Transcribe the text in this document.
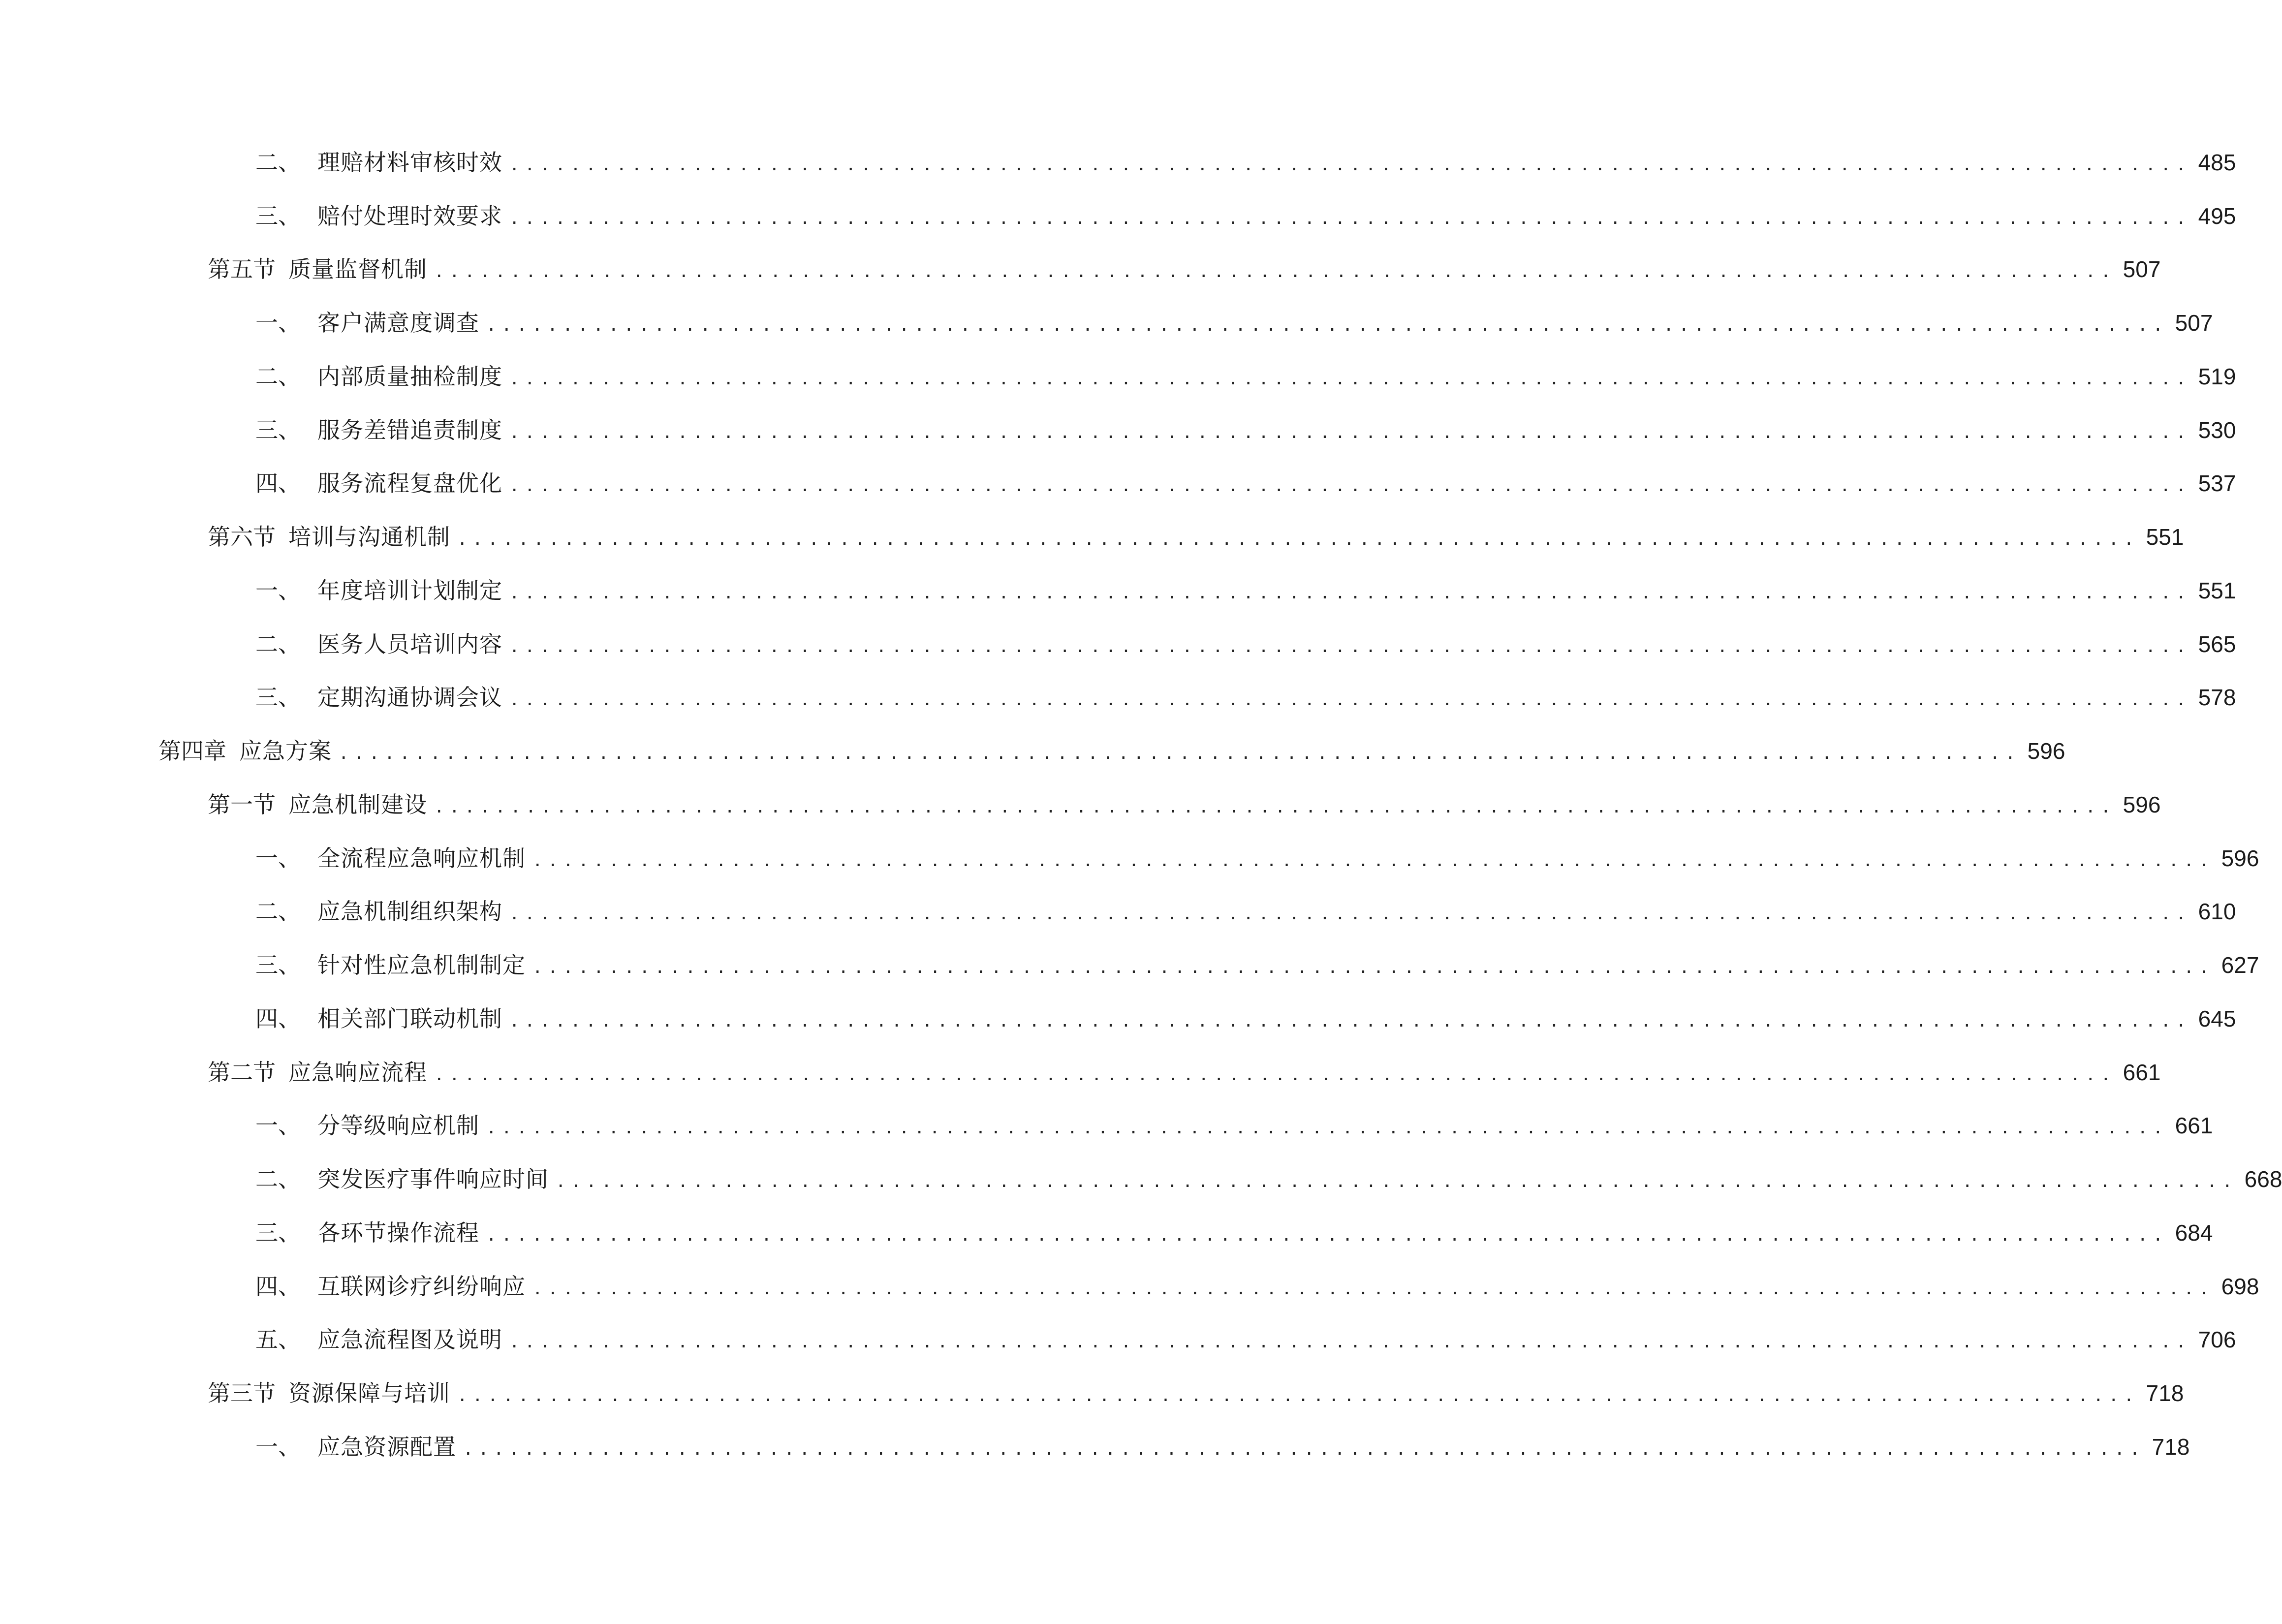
二、 理赔材料审核时效 .............................................................................................................. 485
三、 赔付处理时效要求 .............................................................................................................. 495
第五节 质量监督机制 .............................................................................................................. 507
一、 客户满意度调查 .............................................................................................................. 507
二、 内部质量抽检制度 .............................................................................................................. 519
三、 服务差错追责制度 .............................................................................................................. 530
四、 服务流程复盘优化 .............................................................................................................. 537
第六节 培训与沟通机制 .............................................................................................................. 551
一、 年度培训计划制定 .............................................................................................................. 551
二、 医务人员培训内容 .............................................................................................................. 565
三、 定期沟通协调会议 .............................................................................................................. 578
第四章 应急方案 .............................................................................................................. 596
第一节 应急机制建设 .............................................................................................................. 596
一、 全流程应急响应机制 .............................................................................................................. 596
二、 应急机制组织架构 .............................................................................................................. 610
三、 针对性应急机制制定 .............................................................................................................. 627
四、 相关部门联动机制 .............................................................................................................. 645
第二节 应急响应流程 .............................................................................................................. 661
一、 分等级响应机制 .............................................................................................................. 661
二、 突发医疗事件响应时间 .............................................................................................................. 668
三、 各环节操作流程 .............................................................................................................. 684
四、 互联网诊疗纠纷响应 .............................................................................................................. 698
五、 应急流程图及说明 .............................................................................................................. 706
第三节 资源保障与培训 .............................................................................................................. 718
一、 应急资源配置 .............................................................................................................. 718
